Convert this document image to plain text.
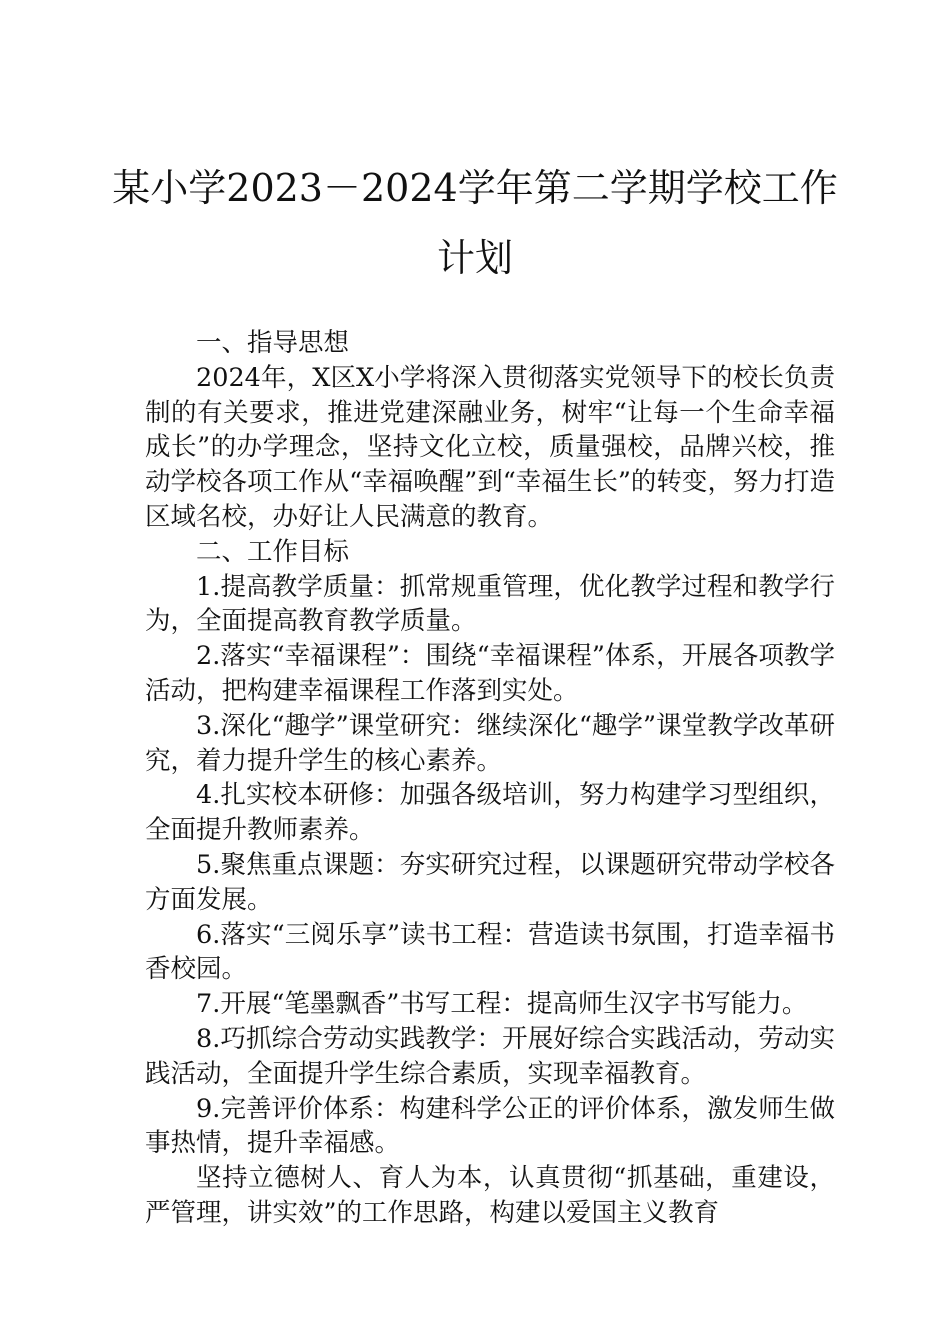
某小学2023－2024学年第二学期学校工作
计划

一、指导思想

2024年，X区X小学将深入贯彻落实党领导下的校长负责制的有关要求，推进党建深融业务，树牢“让每一个生命幸福成长”的办学理念，坚持文化立校，质量强校，品牌兴校，推动学校各项工作从“幸福唤醒”到“幸福生长”的转变，努力打造区域名校，办好让人民满意的教育。

二、工作目标

1.提高教学质量：抓常规重管理，优化教学过程和教学行为，全面提高教育教学质量。

2.落实“幸福课程”：围绕“幸福课程”体系，开展各项教学活动，把构建幸福课程工作落到实处。

3.深化“趣学”课堂研究：继续深化“趣学”课堂教学改革研究，着力提升学生的核心素养。

4.扎实校本研修：加强各级培训，努力构建学习型组织，全面提升教师素养。

5.聚焦重点课题：夯实研究过程，以课题研究带动学校各方面发展。

6.落实“三阅乐享”读书工程：营造读书氛围，打造幸福书香校园。

7.开展“笔墨飘香”书写工程：提高师生汉字书写能力。

8.巧抓综合劳动实践教学：开展好综合实践活动，劳动实践活动，全面提升学生综合素质，实现幸福教育。

9.完善评价体系：构建科学公正的评价体系，激发师生做事热情，提升幸福感。

坚持立德树人、育人为本，认真贯彻“抓基础，重建设，严管理，讲实效”的工作思路，构建以爱国主义教育
